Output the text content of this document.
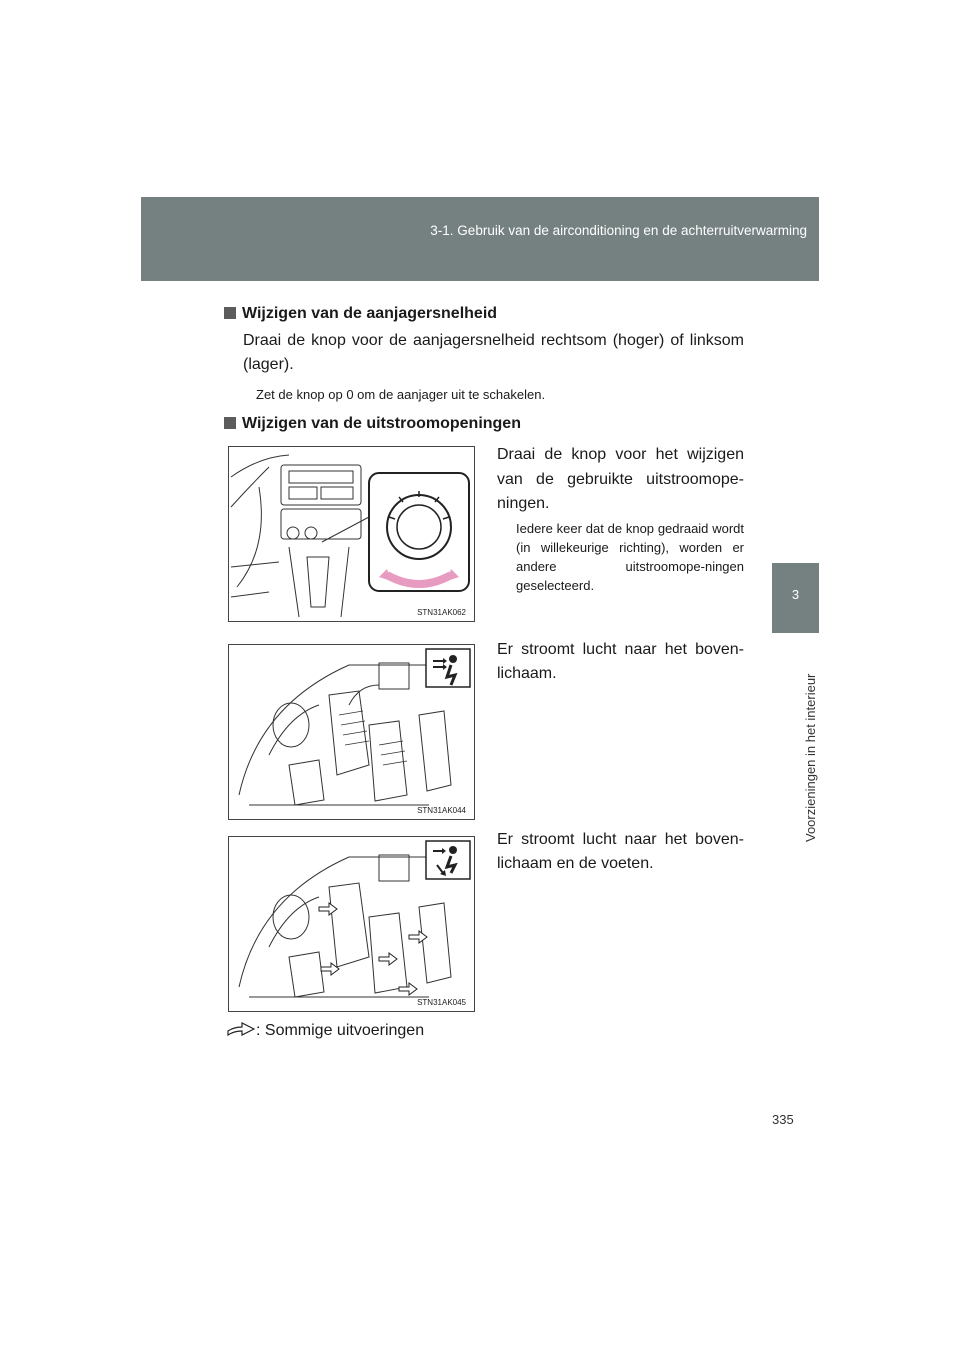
3-1. Gebruik van de airconditioning en de achterruitverwarming
3
Voorzieningen in het interieur
Wijzigen van de aanjagersnelheid
Draai de knop voor de aanjagersnelheid rechtsom (hoger) of linksom (lager).
Zet de knop op 0 om de aanjager uit te schakelen.
Wijzigen van de uitstroomopeningen
Draai de knop voor het wijzigen van de gebruikte uitstroomope-ningen.
Iedere keer dat de knop gedraaid wordt (in willekeurige richting), worden er andere uitstroomope-ningen geselecteerd.
STN31AK062
STN31AK044
Er stroomt lucht naar het boven-lichaam.
STN31AK045
Er stroomt lucht naar het boven-lichaam en de voeten.
: Sommige uitvoeringen
335
